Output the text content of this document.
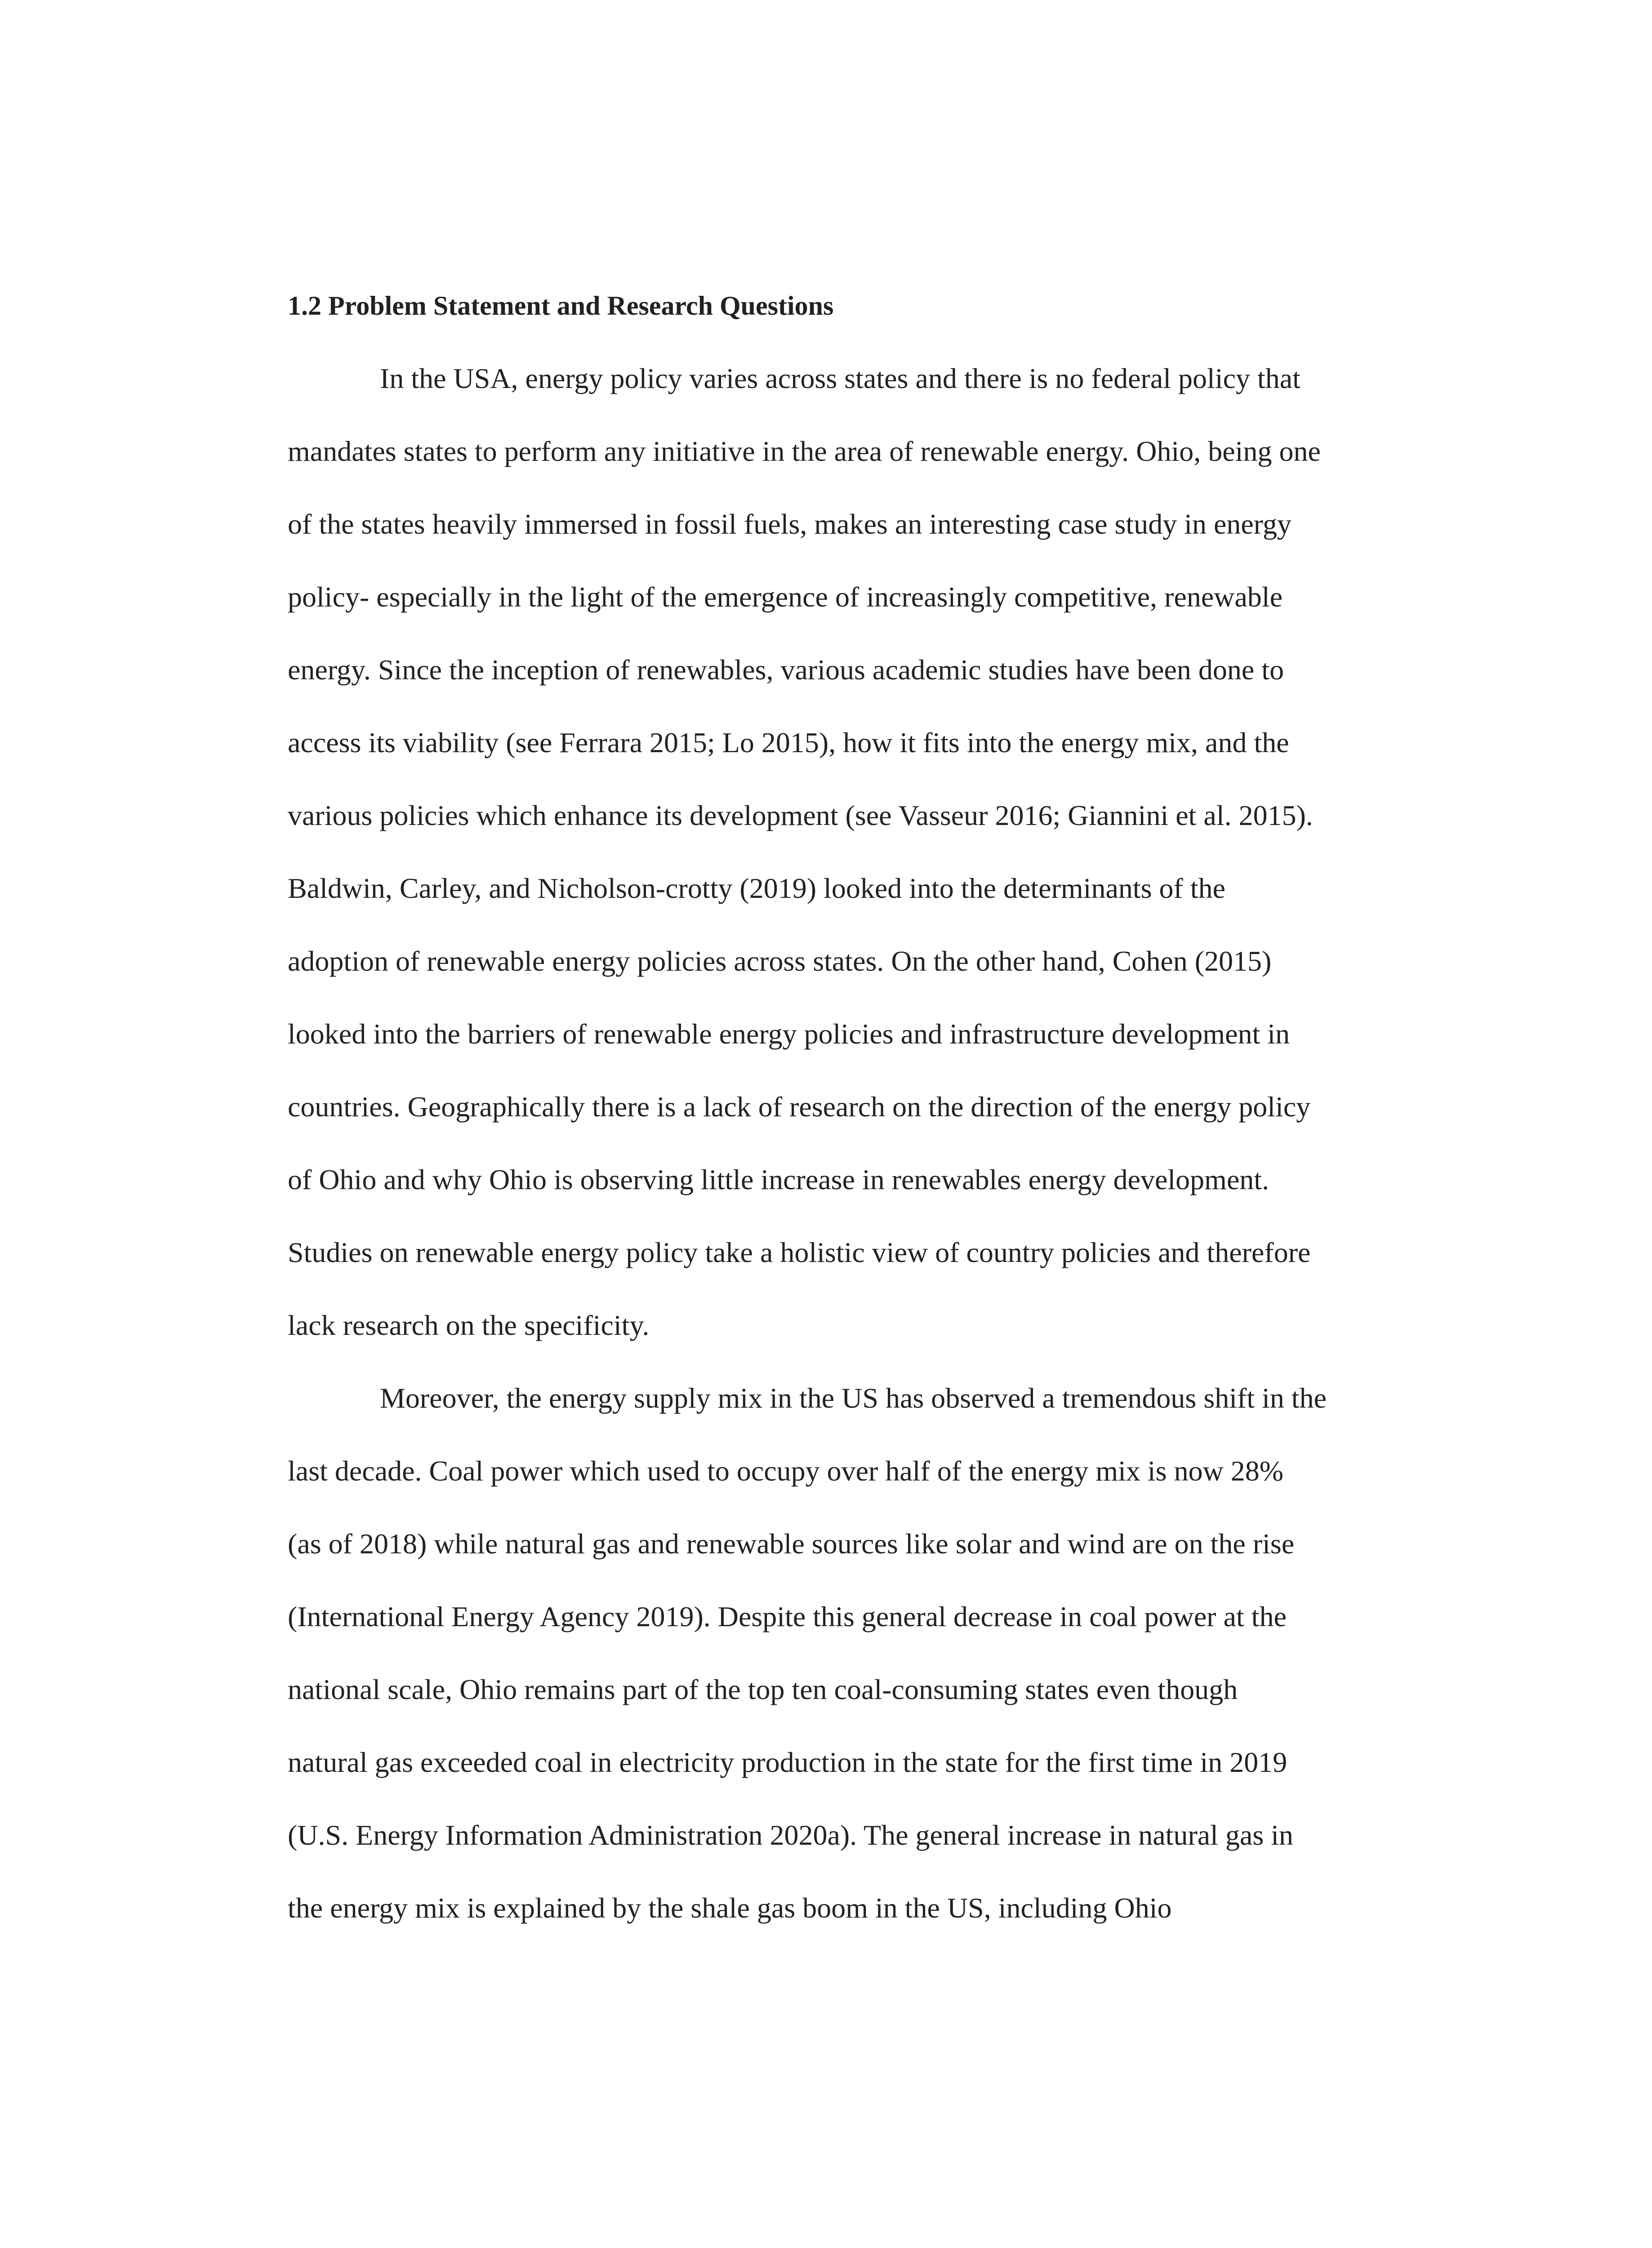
1.2 Problem Statement and Research Questions
In the USA, energy policy varies across states and there is no federal policy that
mandates states to perform any initiative in the area of renewable energy. Ohio, being one
of the states heavily immersed in fossil fuels, makes an interesting case study in energy
policy- especially in the light of the emergence of increasingly competitive, renewable
energy. Since the inception of renewables, various academic studies have been done to
access its viability (see Ferrara 2015; Lo 2015), how it fits into the energy mix, and the
various policies which enhance its development (see Vasseur 2016; Giannini et al. 2015).
Baldwin, Carley, and Nicholson-crotty (2019) looked into the determinants of the
adoption of renewable energy policies across states. On the other hand, Cohen (2015)
looked into the barriers of renewable energy policies and infrastructure development in
countries. Geographically there is a lack of research on the direction of the energy policy
of Ohio and why Ohio is observing little increase in renewables energy development.
Studies on renewable energy policy take a holistic view of country policies and therefore
lack research on the specificity.
Moreover, the energy supply mix in the US has observed a tremendous shift in the
last decade. Coal power which used to occupy over half of the energy mix is now 28%
(as of 2018) while natural gas and renewable sources like solar and wind are on the rise
(International Energy Agency 2019). Despite this general decrease in coal power at the
national scale, Ohio remains part of the top ten coal-consuming states even though
natural gas exceeded coal in electricity production in the state for the first time in 2019
(U.S. Energy Information Administration 2020a). The general increase in natural gas in
the energy mix is explained by the shale gas boom in the US, including Ohio
